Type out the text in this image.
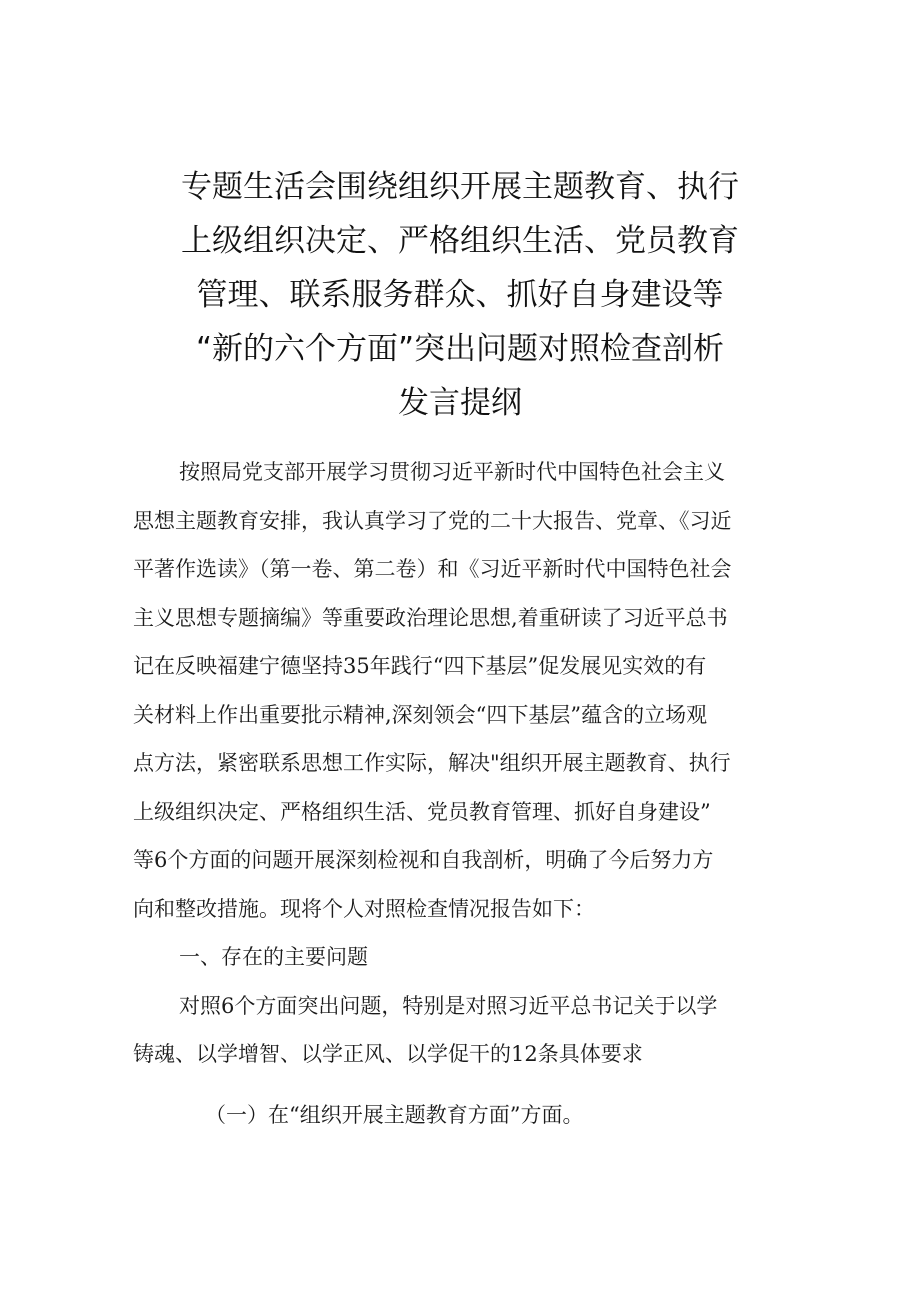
专题生活会围绕组织开展主题教育、执行
上级组织决定、严格组织生活、党员教育
管理、联系服务群众、抓好自身建设等
“新的六个方面”突出问题对照检查剖析
发言提纲
按照局党支部开展学习贯彻习近平新时代中国特色社会主义
思想主题教育安排，我认真学习了党的二十大报告、党章、《习近
平著作选读》（第一卷、第二卷）和《习近平新时代中国特色社会
主义思想专题摘编》等重要政治理论思想,着重研读了习近平总书
记在反映福建宁德坚持35年践行“四下基层”促发展见实效的有
关材料上作出重要批示精神,深刻领会“四下基层”蕴含的立场观
点方法，紧密联系思想工作实际，解决"组织开展主题教育、执行
上级组织决定、严格组织生活、党员教育管理、抓好自身建设”
等6个方面的问题开展深刻检视和自我剖析，明确了今后努力方
向和整改措施。现将个人对照检查情况报告如下：
一、存在的主要问题
对照6个方面突出问题，特别是对照习近平总书记关于以学
铸魂、以学增智、以学正风、以学促干的12条具体要求
（一）在“组织开展主题教育方面”方面。
